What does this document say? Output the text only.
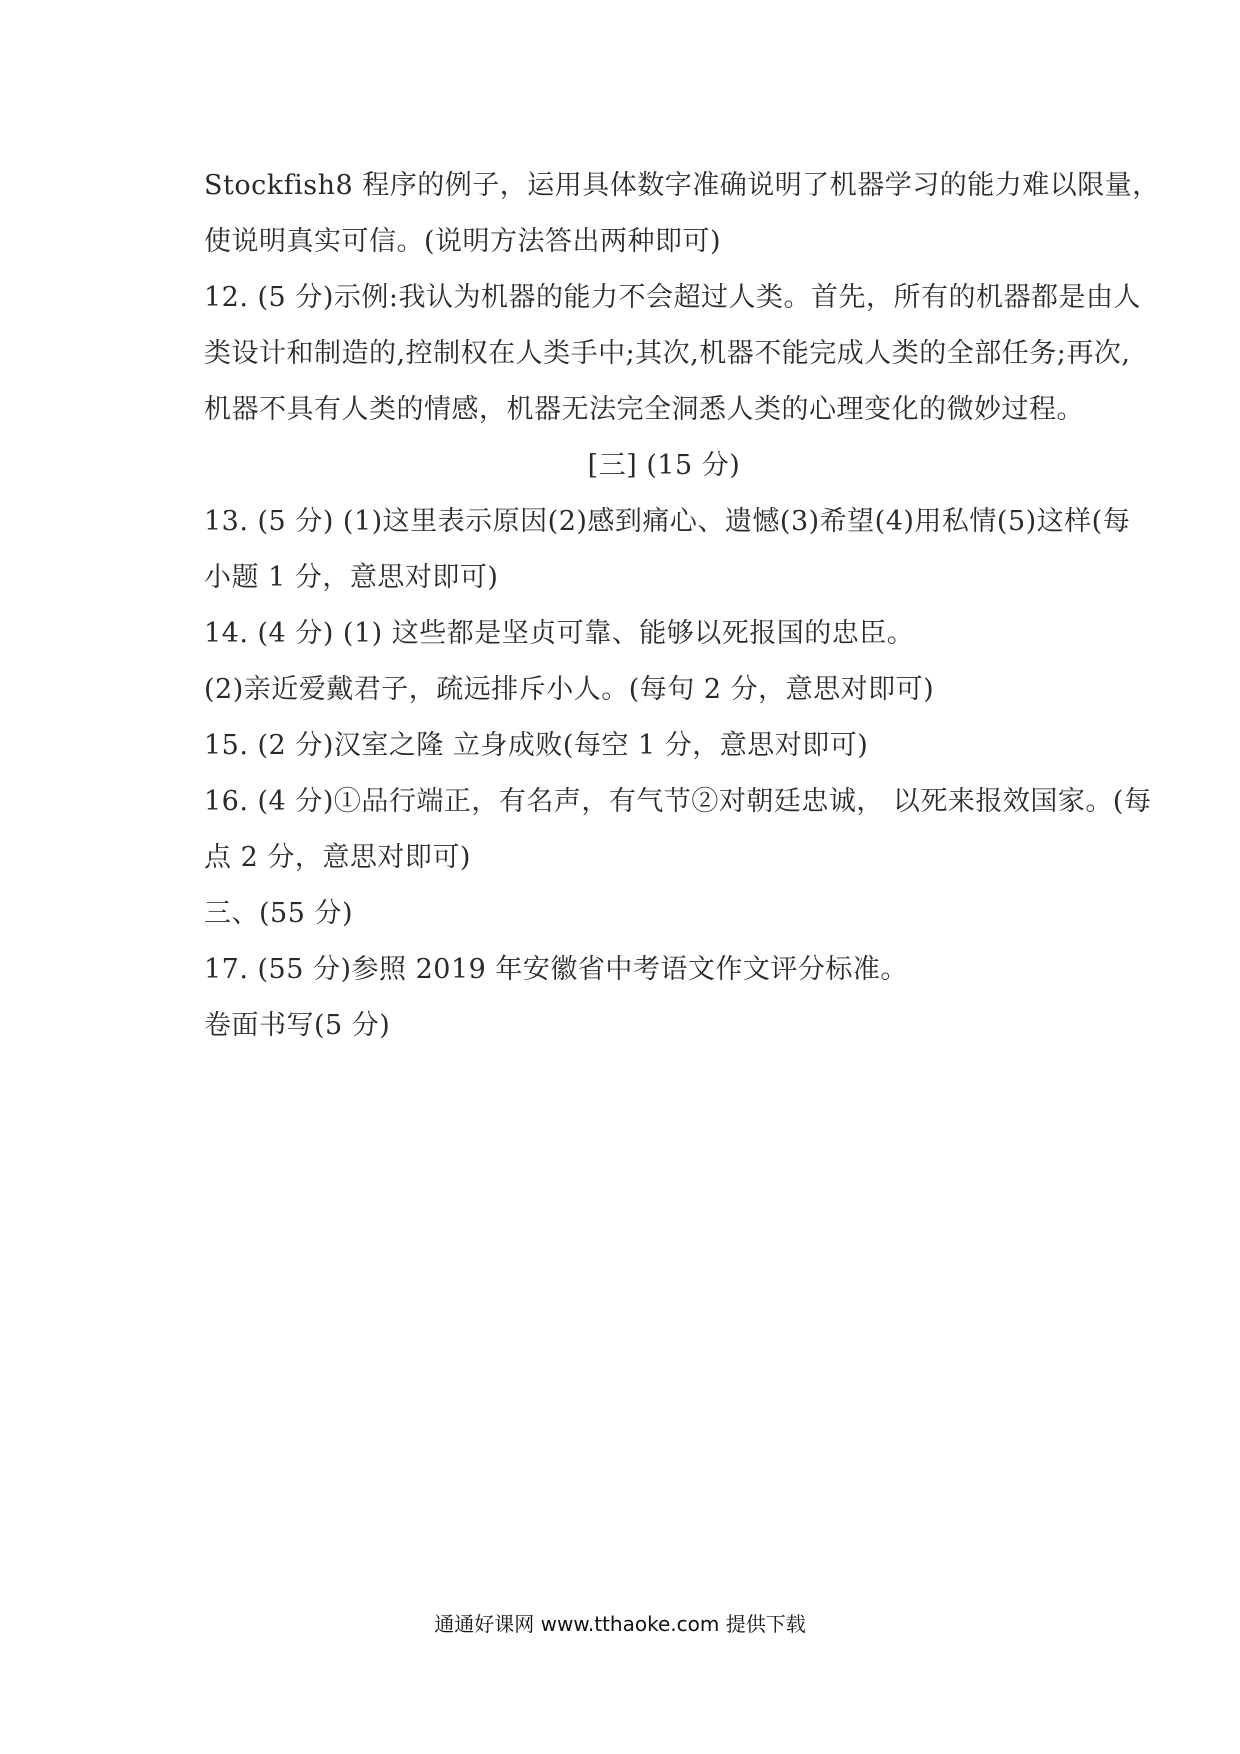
Stockfish8 程序的例子，运用具体数字准确说明了机器学习的能力难以限量，
使说明真实可信。(说明方法答出两种即可)
12. (5 分)示例:我认为机器的能力不会超过人类。首先，所有的机器都是由人
类设计和制造的,控制权在人类手中;其次,机器不能完成人类的全部任务;再次,
机器不具有人类的情感，机器无法完全洞悉人类的心理变化的微妙过程。
[三] (15 分)
13. (5 分) (1)这里表示原因(2)感到痛心、遗憾(3)希望(4)用私情(5)这样(每
小题 1 分，意思对即可)
14. (4 分) (1) 这些都是坚贞可靠、能够以死报国的忠臣。
(2)亲近爱戴君子，疏远排斥小人。(每句 2 分，意思对即可)
15. (2 分)汉室之隆 立身成败(每空 1 分，意思对即可)
16. (4 分)①品行端正，有名声，有气节②对朝廷忠诚， 以死来报效国家。(每
点 2 分，意思对即可)
三、(55 分)
17. (55 分)参照 2019 年安徽省中考语文作文评分标准。
卷面书写(5 分)
通通好课网 www.tthaoke.com 提供下载
